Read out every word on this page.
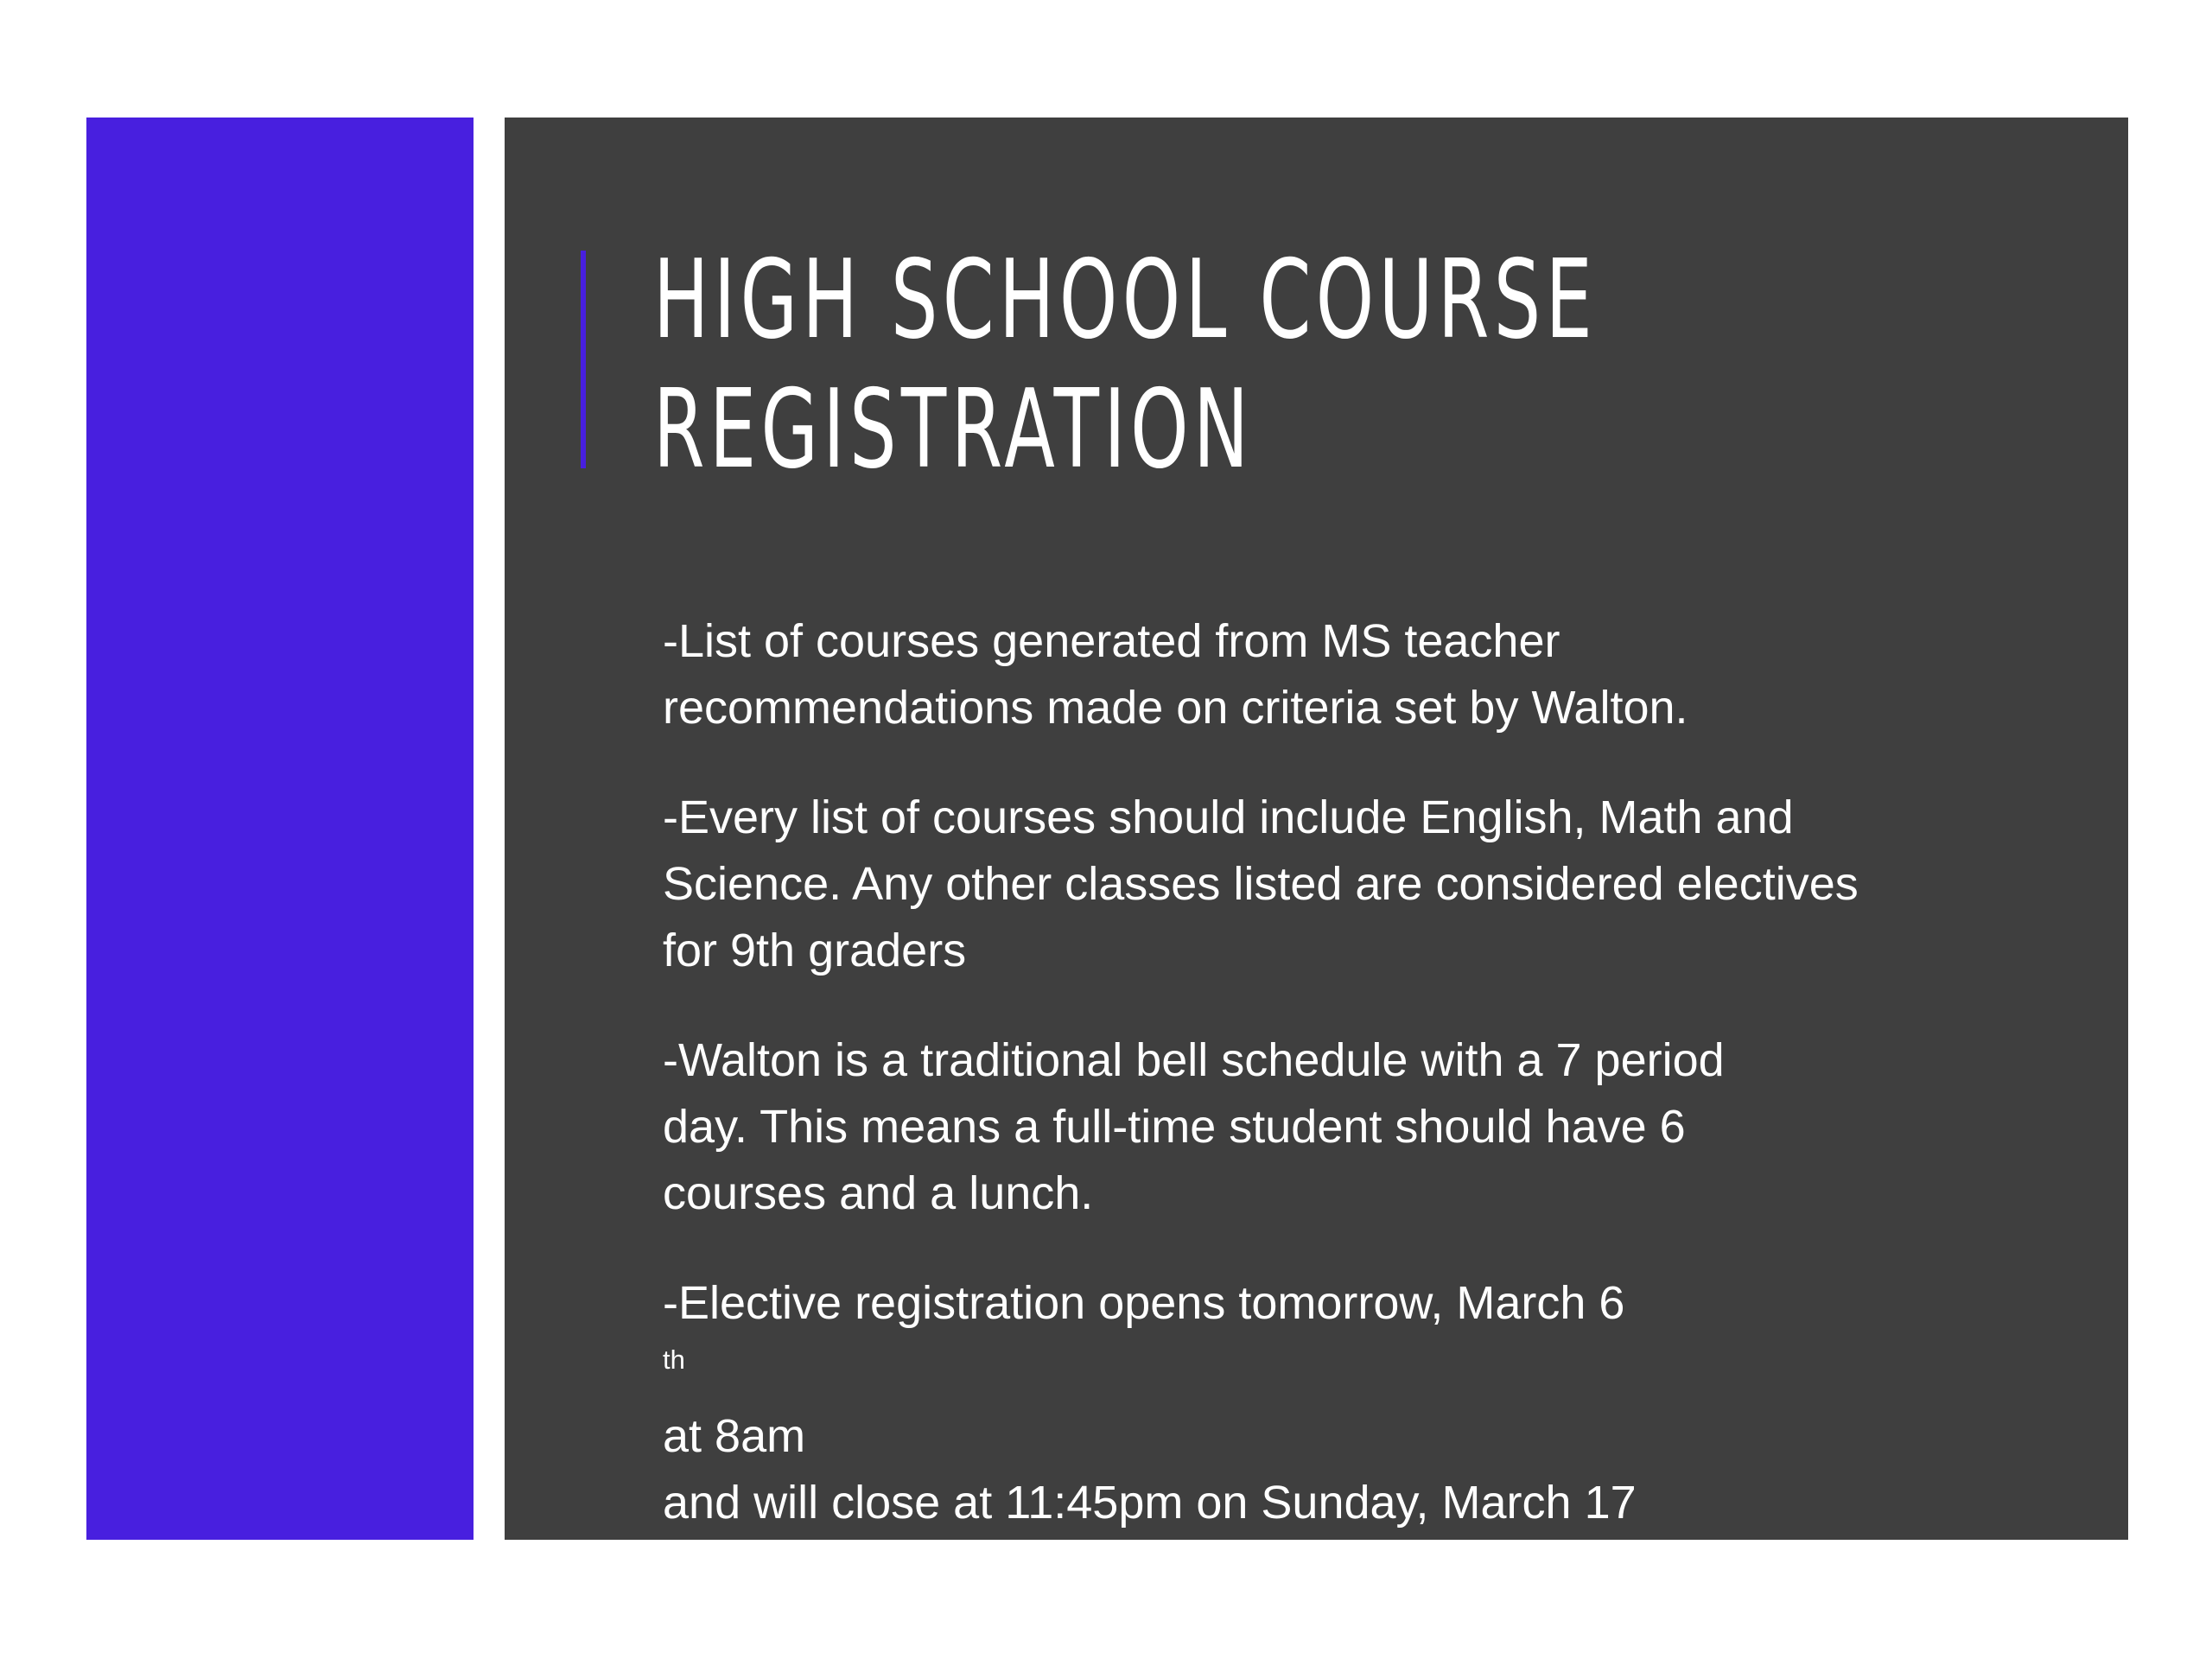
HIGH SCHOOL COURSE
REGISTRATION

-List of courses generated from MS teacher
recommendations made on criteria set by Walton.

-Every list of courses should include English, Math and
Science. Any other classes listed are considered electives
for 9th graders

-Walton is a traditional bell schedule with a 7 period
day. This means a full-time student should have 6
courses and a lunch.

-Elective registration opens tomorrow, March 6
$^{th}$
at 8am
and will close at 11:45pm on Sunday, March 17
$^{th}$
